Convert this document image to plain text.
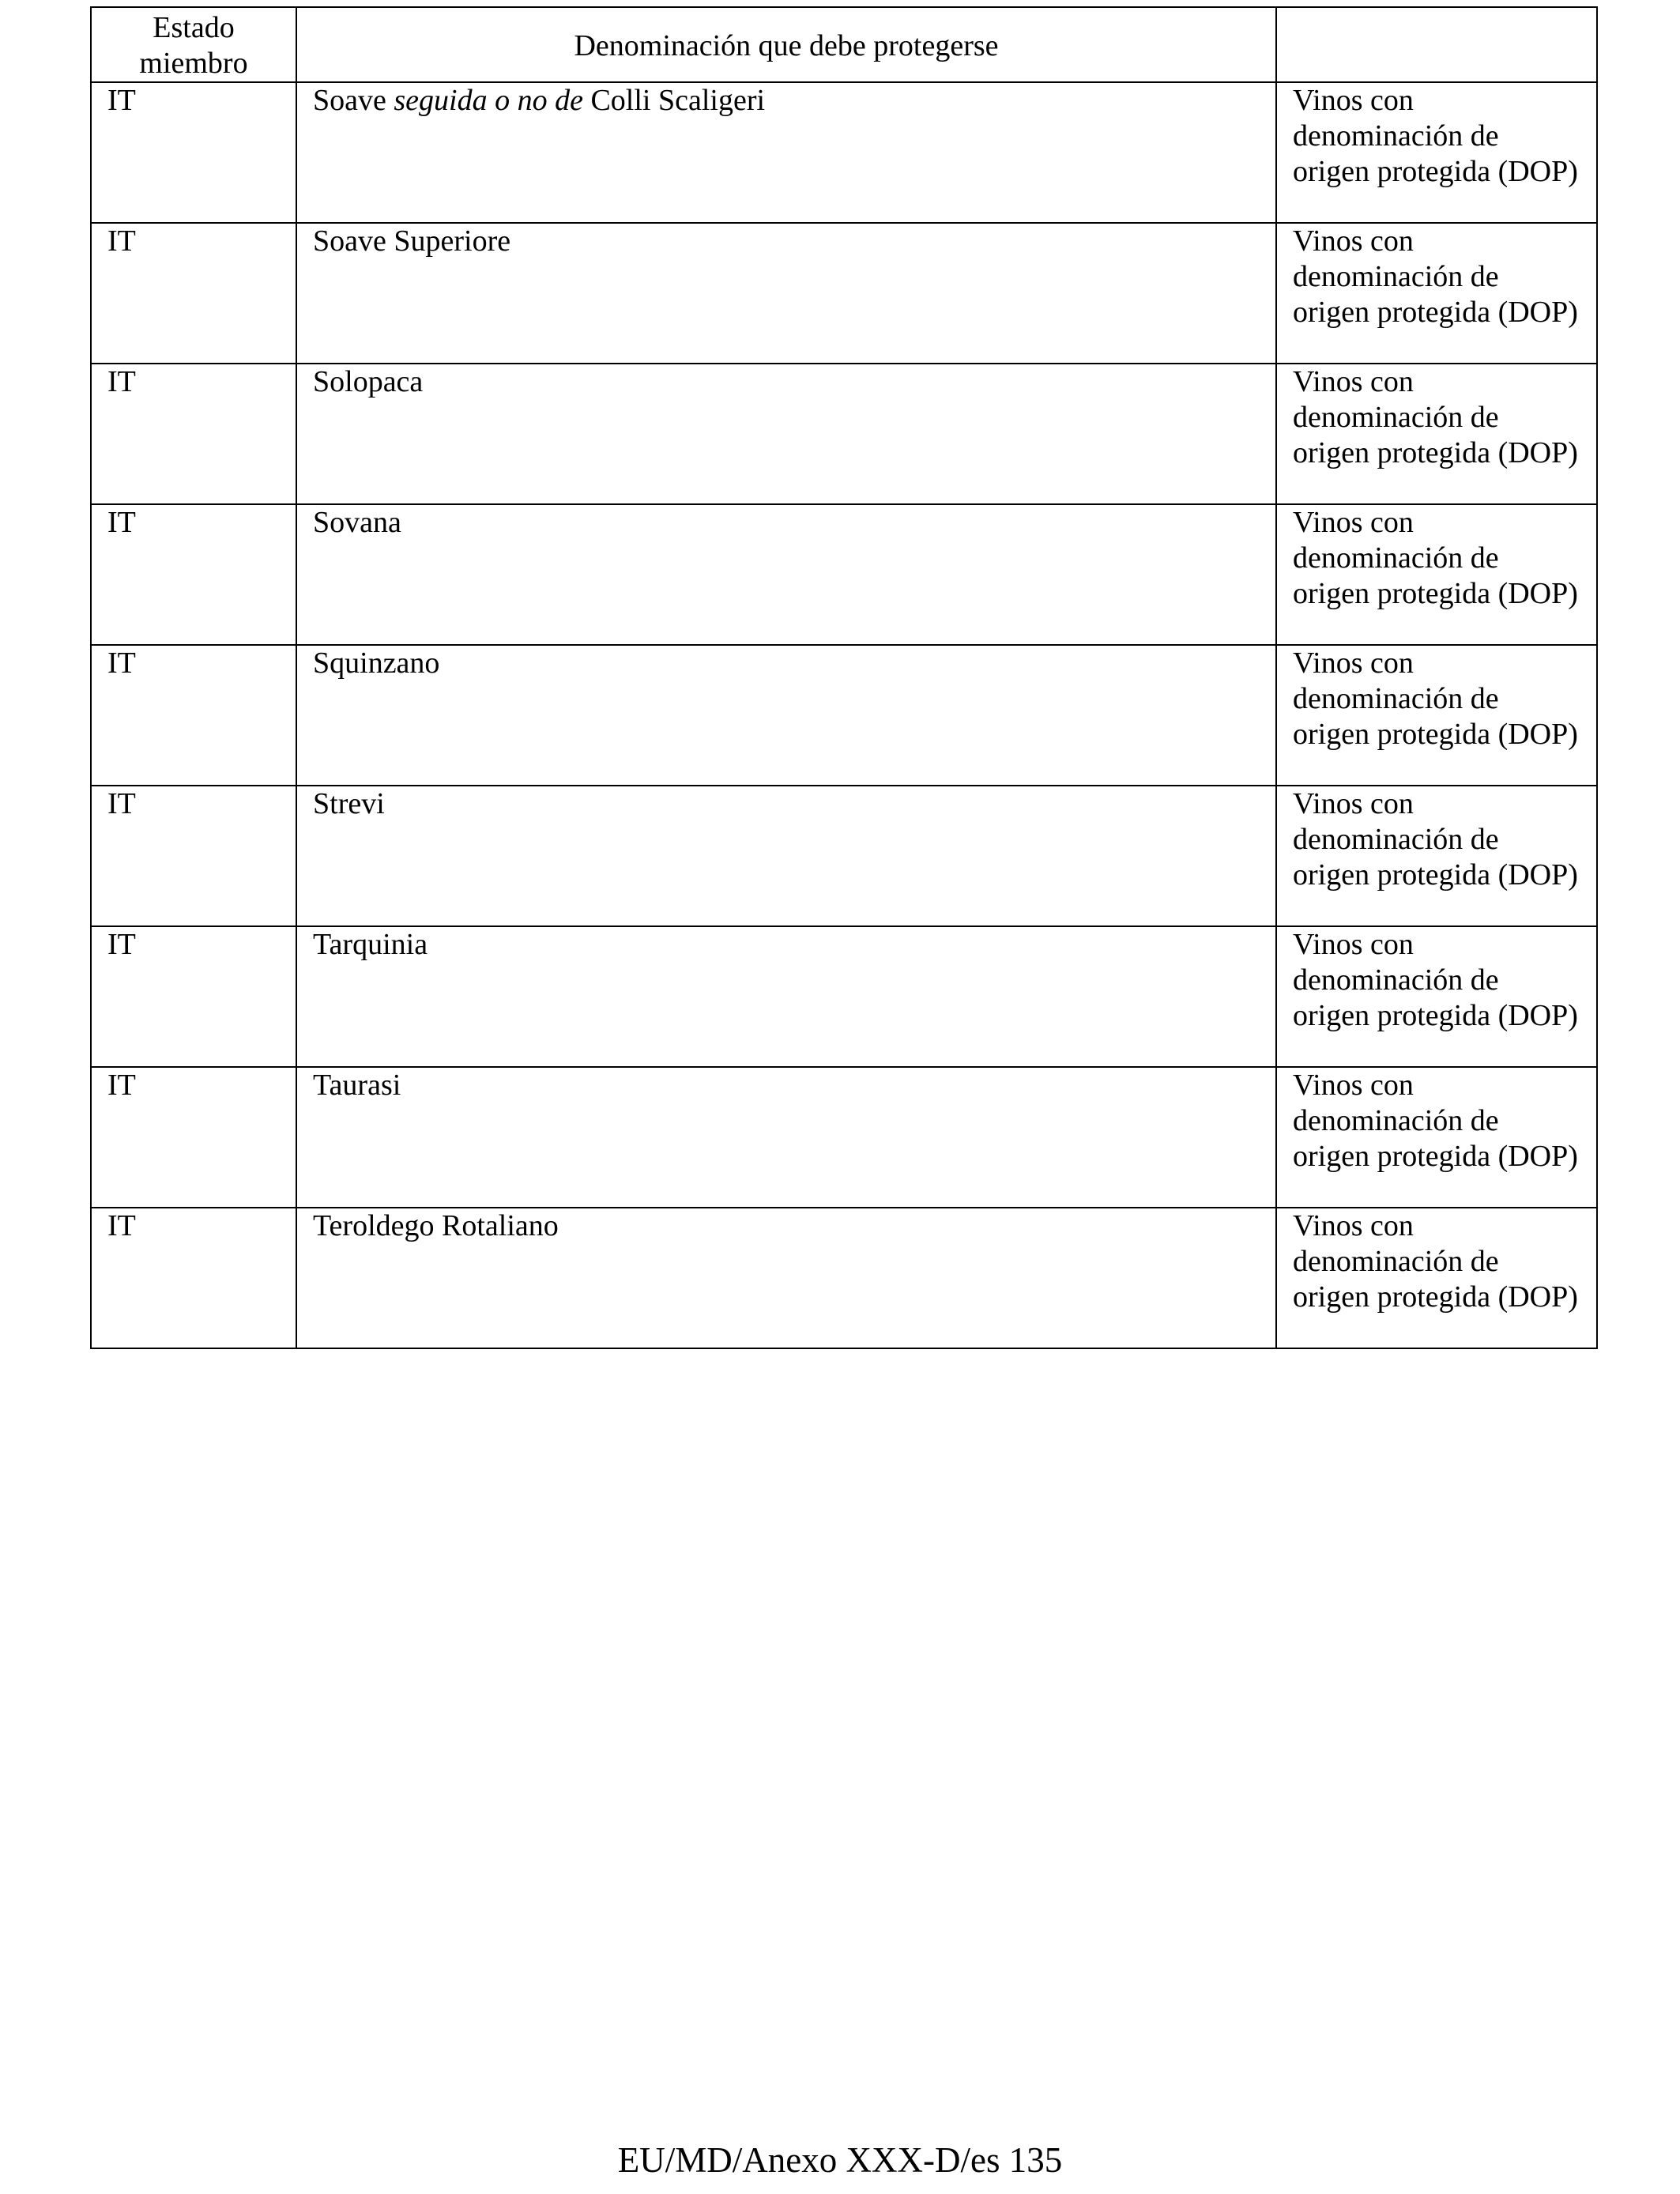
Estado miembro	Denominación que debe protegerse	
IT	Soave seguida o no de Colli Scaligeri	Vinos con denominación de origen protegida (DOP)

IT	Soave Superiore	Vinos con denominación de origen protegida (DOP)

IT	Solopaca	Vinos con denominación de origen protegida (DOP)

IT	Sovana	Vinos con denominación de origen protegida (DOP)

IT	Squinzano	Vinos con denominación de origen protegida (DOP)

IT	Strevi	Vinos con denominación de origen protegida (DOP)

IT	Tarquinia	Vinos con denominación de origen protegida (DOP)

IT	Taurasi	Vinos con denominación de origen protegida (DOP)

IT	Teroldego Rotaliano	Vinos con denominación de origen protegida (DOP)
EU/MD/Anexo XXX-D/es 135
